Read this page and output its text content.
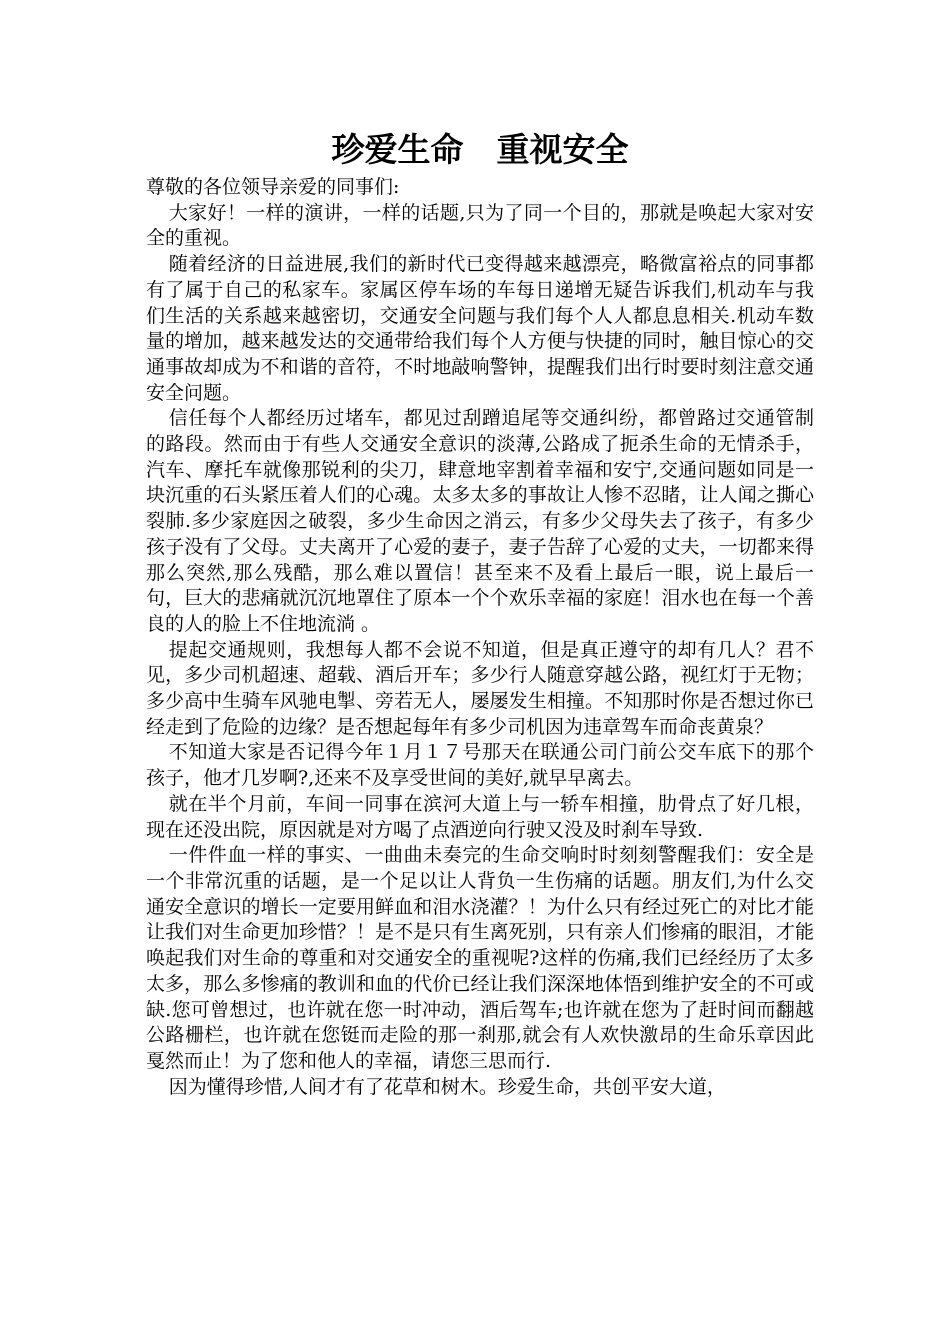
珍爱生命　重视安全

尊敬的各位领导亲爱的同事们:

大家好！一样的演讲，一样的话题,只为了同一个目的，那就是唤起大家对安全的重视。

随着经济的日益进展,我们的新时代已变得越来越漂亮，略微富裕点的同事都有了属于自己的私家车。家属区停车场的车每日递增无疑告诉我们,机动车与我们生活的关系越来越密切，交通安全问题与我们每个人人都息息相关.机动车数量的增加，越来越发达的交通带给我们每个人方便与快捷的同时，触目惊心的交通事故却成为不和谐的音符，不时地敲响警钟，提醒我们出行时要时刻注意交通安全问题。

信任每个人都经历过堵车，都见过刮蹭追尾等交通纠纷，都曾路过交通管制的路段。然而由于有些人交通安全意识的淡薄,公路成了扼杀生命的无情杀手，汽车、摩托车就像那锐利的尖刀，肆意地宰割着幸福和安宁,交通问题如同是一块沉重的石头紧压着人们的心魂。太多太多的事故让人惨不忍睹，让人闻之撕心裂肺.多少家庭因之破裂，多少生命因之消云，有多少父母失去了孩子，有多少孩子没有了父母。丈夫离开了心爱的妻子，妻子告辞了心爱的丈夫，一切都来得那么突然,那么残酷，那么难以置信！甚至来不及看上最后一眼，说上最后一句，巨大的悲痛就沉沉地罩住了原本一个个欢乐幸福的家庭！泪水也在每一个善良的人的脸上不住地流淌 。

提起交通规则，我想每人都不会说不知道，但是真正遵守的却有几人？君不见，多少司机超速、超载、酒后开车；多少行人随意穿越公路，视红灯于无物；多少高中生骑车风驰电掣、旁若无人，屡屡发生相撞。不知那时你是否想过你已经走到了危险的边缘？是否想起每年有多少司机因为违章驾车而命丧黄泉？

不知道大家是否记得今年１月１７号那天在联通公司门前公交车底下的那个孩子，他才几岁啊?,还来不及享受世间的美好,就早早离去。

就在半个月前，车间一同事在滨河大道上与一轿车相撞，肋骨点了好几根，现在还没出院，原因就是对方喝了点酒逆向行驶又没及时刹车导致.

一件件血一样的事实、一曲曲未奏完的生命交响时时刻刻警醒我们：安全是一个非常沉重的话题，是一个足以让人背负一生伤痛的话题。朋友们,为什么交通安全意识的增长一定要用鲜血和泪水浇灌？！为什么只有经过死亡的对比才能让我们对生命更加珍惜？！是不是只有生离死别，只有亲人们惨痛的眼泪，才能唤起我们对生命的尊重和对交通安全的重视呢?这样的伤痛,我们已经经历了太多太多，那么多惨痛的教训和血的代价已经让我们深深地体悟到维护安全的不可或缺.您可曾想过，也许就在您一时冲动，酒后驾车;也许就在您为了赶时间而翻越公路栅栏，也许就在您铤而走险的那一刹那,就会有人欢快激昂的生命乐章因此戛然而止！为了您和他人的幸福，请您三思而行.

因为懂得珍惜,人间才有了花草和树木。珍爱生命，共创平安大道，
